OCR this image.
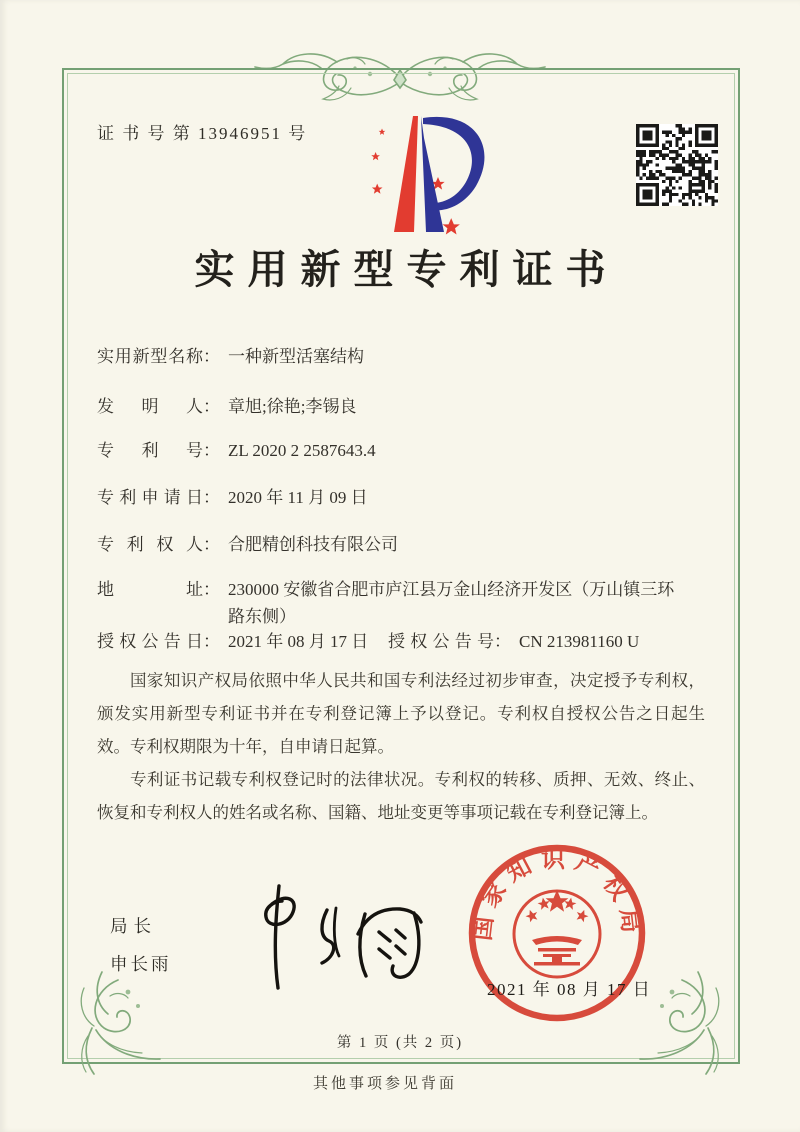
证 书 号 第 13946951 号
实用新型专利证书
实用新型名称 ： 一种新型活塞结构
发明人 ： 章旭;徐艳;李锡良
专利号 ： ZL 2020 2 2587643.4
专利申请日 ： 2020 年 11 月 09 日
专利权人 ： 合肥精创科技有限公司
地址 ： 230000 安徽省合肥市庐江县万金山经济开发区（万山镇三环路东侧）
授权公告日 ： 2021 年 08 月 17 日 授权公告号 ： CN 213981160 U

国家知识产权局依照中华人民共和国专利法经过初步审查，决定授予专利权，颁发实用新型专利证书并在专利登记簿上予以登记。专利权自授权公告之日起生效。专利权期限为十年，自申请日起算。

专利证书记载专利权登记时的法律状况。专利权的转移、质押、无效、终止、恢复和专利权人的姓名或名称、国籍、地址变更等事项记载在专利登记簿上。

局长
申长雨
国家知识产权局
2021 年 08 月 17 日
第 1 页 (共 2 页)
其他事项参见背面
